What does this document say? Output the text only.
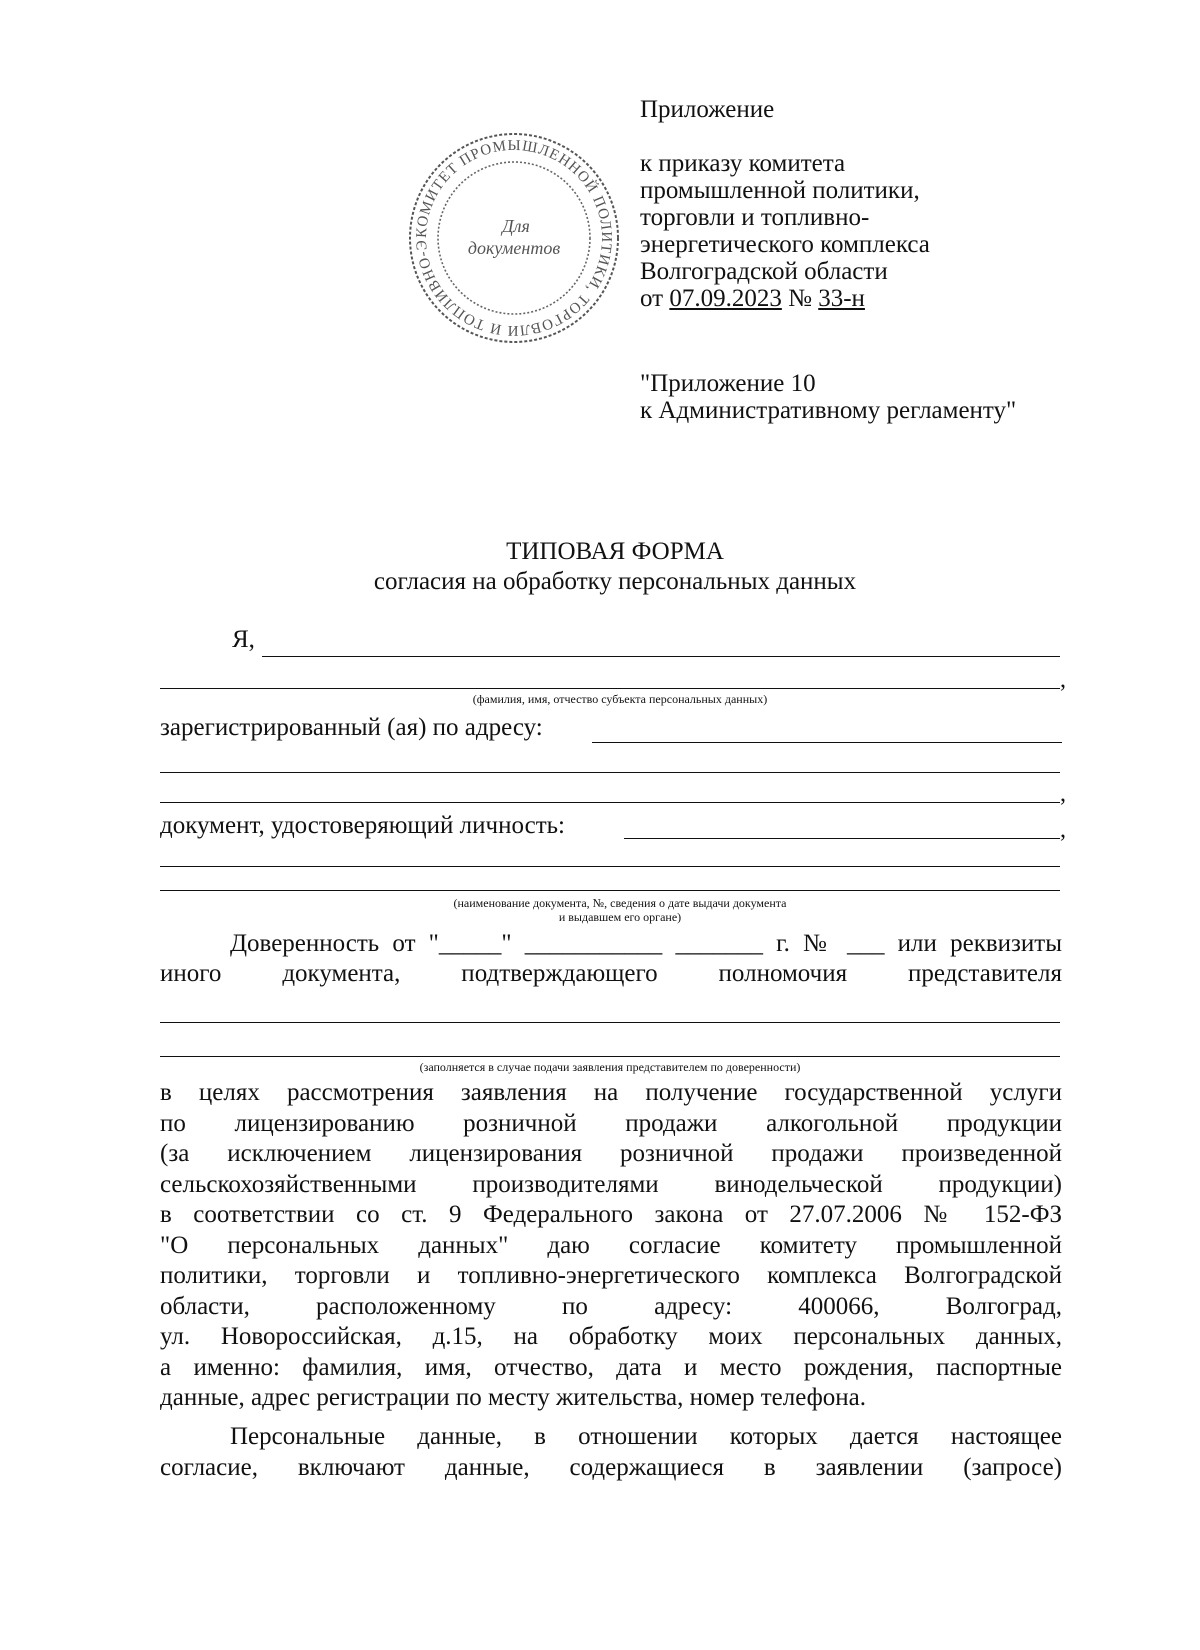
КОМИТЕТ ПРОМЫШЛЕННОЙ ПОЛИТИКИ, ТОРГОВЛИ И ТОПЛИВНО-Э
Для
документов
Приложение
к приказу комитета
промышленной политики,
торговли и топливно-
энергетического комплекса
Волгоградской области
от 07.09.2023 № 33-н
"Приложение 10
к Административному регламенту"
ТИПОВАЯ ФОРМА
согласия на обработку персональных данных
Я,
,
(фамилия, имя, отчество субъекта персональных данных)
зарегистрированный (ая) по адресу:
,
документ, удостоверяющий личность:	,
(наименование документа, №, сведения о дате выдачи документа
и выдавшем его органе)
Доверенность от "_____" ___________ _______ г. № ___ или реквизиты
иного документа, подтверждающего полномочия представителя
(заполняется в случае подачи заявления представителем по доверенности)
в целях рассмотрения заявления на получение государственной услуги
по лицензированию розничной продажи алкогольной продукции
(за исключением лицензирования розничной продажи произведенной
сельскохозяйственными производителями винодельческой продукции)
в соответствии со ст. 9 Федерального закона от 27.07.2006 № 152-ФЗ
"О персональных данных" даю согласие комитету промышленной
политики, торговли и топливно-энергетического комплекса Волгоградской
области, расположенному по адресу: 400066, Волгоград,
ул. Новороссийская, д.15, на обработку моих персональных данных,
а именно: фамилия, имя, отчество, дата и место рождения, паспортные
данные, адрес регистрации по месту жительства, номер телефона.
Персональные данные, в отношении которых дается настоящее
согласие, включают данные, содержащиеся в заявлении (запросе)
